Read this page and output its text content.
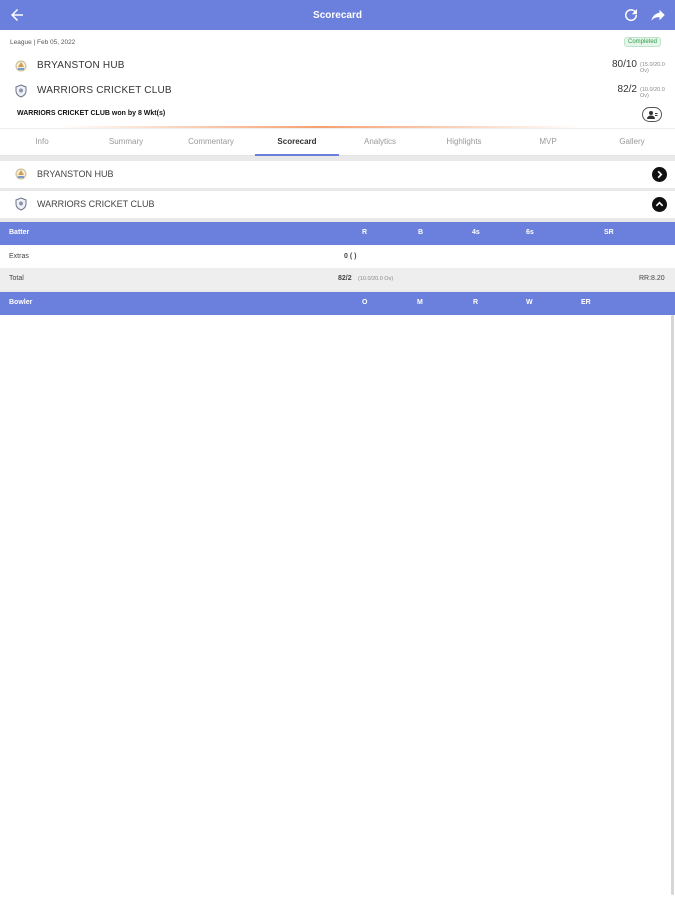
Scorecard
League | Feb 05, 2022	Completed
BRYANSTON HUB	80/10 (15.0/20.0 Ov)
WARRIORS CRICKET CLUB	82/2 (10.0/20.0 Ov)
WARRIORS CRICKET CLUB won by 8 Wkt(s)
Info	Summary	Commentary	Scorecard	Analytics	Highlights	MVP	Gallery
BRYANSTON HUB
WARRIORS CRICKET CLUB
Batter	R	B	4s	6s	SR
Extras	0 ( )
Total	82/2 (10.0/20.0 Ov)	RR:8.20
Bowler	O	M	R	W	ER
